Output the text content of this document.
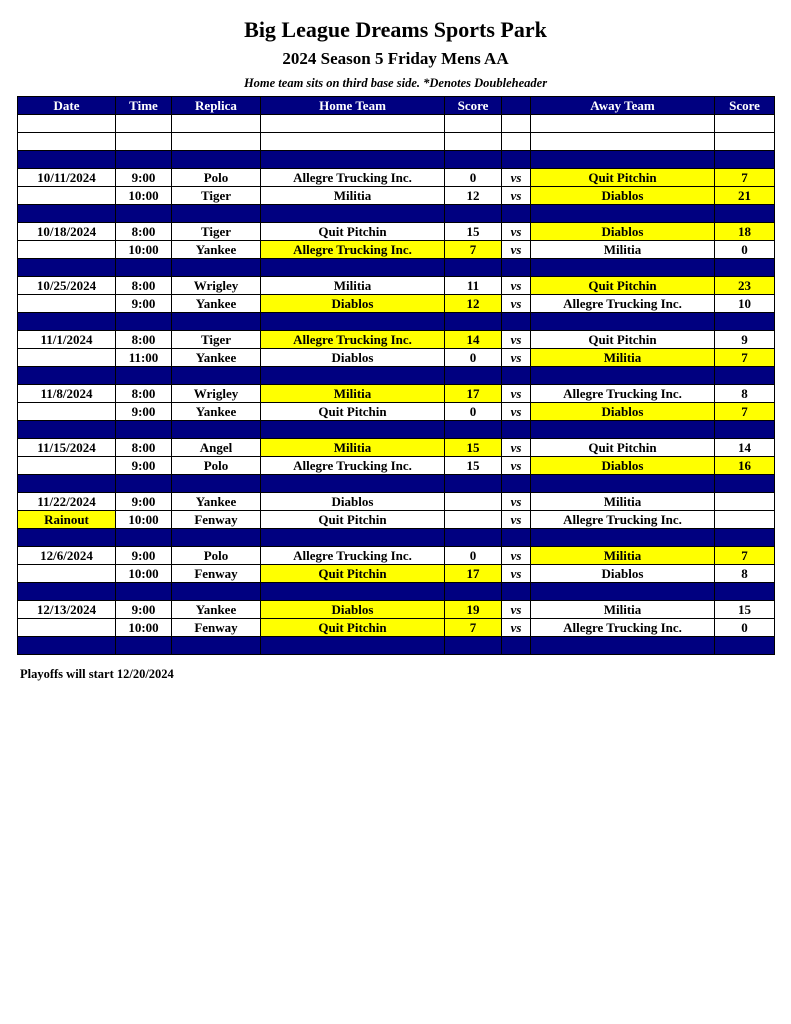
Big League Dreams Sports Park
2024 Season 5 Friday Mens AA
Home team sits on third base side. *Denotes Doubleheader
Date	Time	Replica	Home Team	Score		Away Team	Score

10/11/2024	9:00	Polo	Allegre Trucking Inc.	0	vs	Quit Pitchin	7
	10:00	Tiger	Militia	12	vs	Diablos	21

10/18/2024	8:00	Tiger	Quit Pitchin	15	vs	Diablos	18
	10:00	Yankee	Allegre Trucking Inc.	7	vs	Militia	0

10/25/2024	8:00	Wrigley	Militia	11	vs	Quit Pitchin	23
	9:00	Yankee	Diablos	12	vs	Allegre Trucking Inc.	10

11/1/2024	8:00	Tiger	Allegre Trucking Inc.	14	vs	Quit Pitchin	9
	11:00	Yankee	Diablos	0	vs	Militia	7

11/8/2024	8:00	Wrigley	Militia	17	vs	Allegre Trucking Inc.	8
	9:00	Yankee	Quit Pitchin	0	vs	Diablos	7

11/15/2024	8:00	Angel	Militia	15	vs	Quit Pitchin	14
	9:00	Polo	Allegre Trucking Inc.	15	vs	Diablos	16

11/22/2024	9:00	Yankee	Diablos		vs	Militia	
Rainout	10:00	Fenway	Quit Pitchin		vs	Allegre Trucking Inc.	

12/6/2024	9:00	Polo	Allegre Trucking Inc.	0	vs	Militia	7
	10:00	Fenway	Quit Pitchin	17	vs	Diablos	8

12/13/2024	9:00	Yankee	Diablos	19	vs	Militia	15
	10:00	Fenway	Quit Pitchin	7	vs	Allegre Trucking Inc.	0

Playoffs will start 12/20/2024
